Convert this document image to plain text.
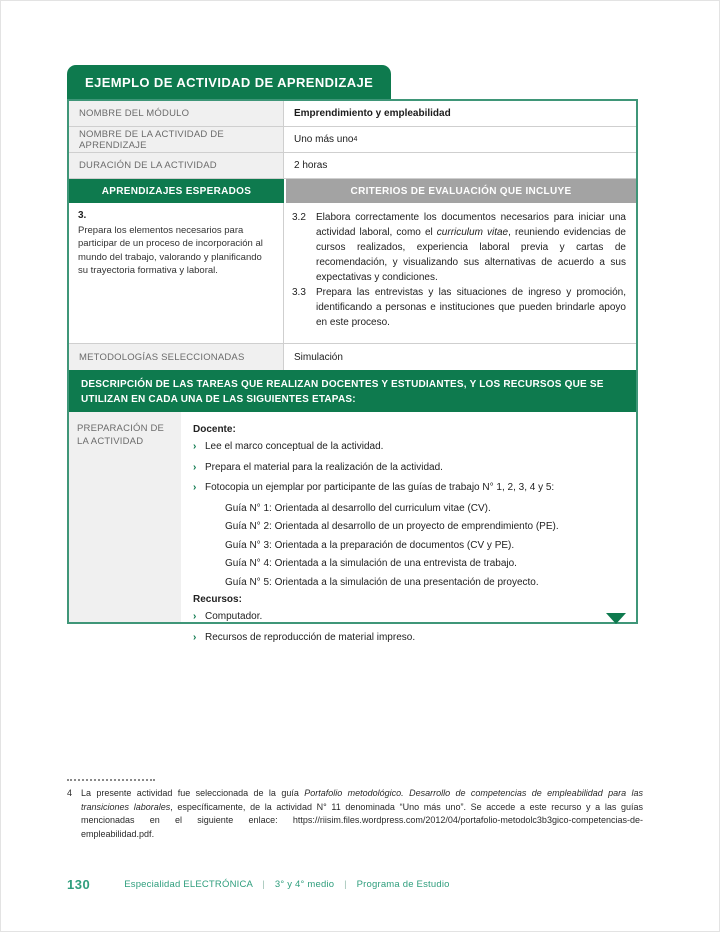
EJEMPLO DE ACTIVIDAD DE APRENDIZAJE
NOMBRE DEL MÓDULO	Emprendimiento y empleabilidad
NOMBRE DE LA ACTIVIDAD DE APRENDIZAJE	Uno más uno 4
DURACIÓN DE LA ACTIVIDAD	2 horas
APRENDIZAJES ESPERADOS	CRITERIOS DE EVALUACIÓN QUE INCLUYE
3.
Prepara los elementos necesarios para participar de un proceso de incorporación al mundo del trabajo, valorando y planificando su trayectoria formativa y laboral.
3.2	Elabora correctamente los documentos necesarios para iniciar una actividad laboral, como el curriculum vitae, reuniendo evidencias de cursos realizados, experiencia laboral previa y cartas de recomendación, y visualizando sus alternativas de acuerdo a sus expectativas y condiciones.
3.3	Prepara las entrevistas y las situaciones de ingreso y promoción, identificando a personas e instituciones que pueden brindarle apoyo en este proceso.
METODOLOGÍAS SELECCIONADAS	Simulación
DESCRIPCIÓN DE LAS TAREAS QUE REALIZAN DOCENTES Y ESTUDIANTES, Y LOS RECURSOS QUE SE UTILIZAN EN CADA UNA DE LAS SIGUIENTES ETAPAS:
PREPARACIÓN DE LA ACTIVIDAD
Docente:
› Lee el marco conceptual de la actividad.
› Prepara el material para la realización de la actividad.
› Fotocopia un ejemplar por participante de las guías de trabajo N° 1, 2, 3, 4 y 5:
Guía N° 1: Orientada al desarrollo del curriculum vitae (CV).
Guía N° 2: Orientada al desarrollo de un proyecto de emprendimiento (PE).
Guía N° 3: Orientada a la preparación de documentos (CV y PE).
Guía N° 4: Orientada a la simulación de una entrevista de trabajo.
Guía N° 5: Orientada a la simulación de una presentación de proyecto.
Recursos:
› Computador.
› Recursos de reproducción de material impreso.
4 La presente actividad fue seleccionada de la guía Portafolio metodológico. Desarrollo de competencias de empleabilidad para las transiciones laborales, específicamente, de la actividad N° 11 denominada “Uno más uno”. Se accede a este recurso y a las guías mencionadas en el siguiente enlace: https://riisim.files.wordpress.com/2012/04/portafolio-metodolc3b3gico-competencias-de-empleabilidad.pdf.
130	Especialidad ELECTRÓNICA | 3° y 4° medio | Programa de Estudio
